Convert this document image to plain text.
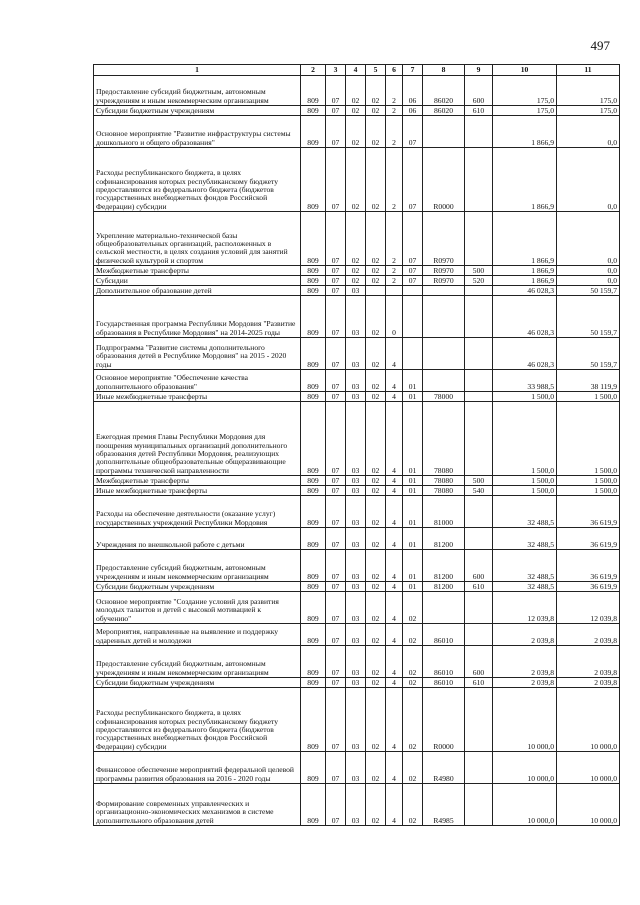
497
1	2	3	4	5	6	7	8	9	10	11
Предоставление субсидий бюджетным, автономным учреждениям и иным некоммерческим организациям	809	07	02	02	2	06	86020	600	175,0	175,0
Субсидии бюджетным учреждениям	809	07	02	02	2	06	86020	610	175,0	175,0
Основное мероприятие "Развитие инфраструктуры системы дошкольного и общего образования"	809	07	02	02	2	07			1 866,9	0,0
Расходы республиканского бюджета, в целях софинансирования которых республиканскому бюджету предоставляются из федерального бюджета (бюджетов государственных внебюджетных фондов Российской Федерации) субсидии	809	07	02	02	2	07	R0000		1 866,9	0,0
Укрепление материально-технической базы общеобразовательных организаций, расположенных в сельской местности, в целях создания условий для занятий физической культурой и спортом	809	07	02	02	2	07	R0970		1 866,9	0,0
Межбюджетные трансферты	809	07	02	02	2	07	R0970	500	1 866,9	0,0
Субсидии	809	07	02	02	2	07	R0970	520	1 866,9	0,0
Дополнительное образование детей	809	07	03						46 028,3	50 159,7
Государственная программа Республики Мордовия "Развитие образования в Республике Мордовия" на 2014-2025 годы	809	07	03	02	0				46 028,3	50 159,7
Подпрограмма "Развитие системы дополнительного образования детей в Республике Мордовия" на 2015 - 2020 годы	809	07	03	02	4				46 028,3	50 159,7
Основное мероприятие "Обеспечение качества дополнительного образования"	809	07	03	02	4	01			33 988,5	38 119,9
Иные межбюджетные трансферты	809	07	03	02	4	01	78000		1 500,0	1 500,0
Ежегодная премия Главы Республики Мордовия для поощрения муниципальных организаций дополнительного образования детей Республики Мордовия, реализующих дополнительные общеобразовательные общеразвивающие программы технической направленности	809	07	03	02	4	01	78080		1 500,0	1 500,0
Межбюджетные трансферты	809	07	03	02	4	01	78080	500	1 500,0	1 500,0
Иные межбюджетные трансферты	809	07	03	02	4	01	78080	540	1 500,0	1 500,0
Расходы на обеспечение деятельности (оказание услуг) государственных учреждений Республики Мордовия	809	07	03	02	4	01	81000		32 488,5	36 619,9
Учреждения по внешкольной работе с детьми	809	07	03	02	4	01	81200		32 488,5	36 619,9
Предоставление субсидий бюджетным, автономным учреждениям и иным некоммерческим организациям	809	07	03	02	4	01	81200	600	32 488,5	36 619,9
Субсидии бюджетным учреждениям	809	07	03	02	4	01	81200	610	32 488,5	36 619,9
Основное мероприятие "Создание условий для развития молодых талантов и детей с высокой мотивацией к обучению"	809	07	03	02	4	02			12 039,8	12 039,8
Мероприятия, направленные на выявление и поддержку одаренных детей и молодежи	809	07	03	02	4	02	86010		2 039,8	2 039,8
Предоставление субсидий бюджетным, автономным учреждениям и иным некоммерческим организациям	809	07	03	02	4	02	86010	600	2 039,8	2 039,8
Субсидии бюджетным учреждениям	809	07	03	02	4	02	86010	610	2 039,8	2 039,8
Расходы республиканского бюджета, в целях софинансирования которых республиканскому бюджету предоставляются из федерального бюджета (бюджетов государственных внебюджетных фондов Российской Федерации) субсидии	809	07	03	02	4	02	R0000		10 000,0	10 000,0
Финансовое обеспечение мероприятий федеральной целевой программы развития образования на 2016 - 2020 годы	809	07	03	02	4	02	R4980		10 000,0	10 000,0
Формирование современных управленческих и организационно-экономических механизмов в системе дополнительного образования детей	809	07	03	02	4	02	R4985		10 000,0	10 000,0
